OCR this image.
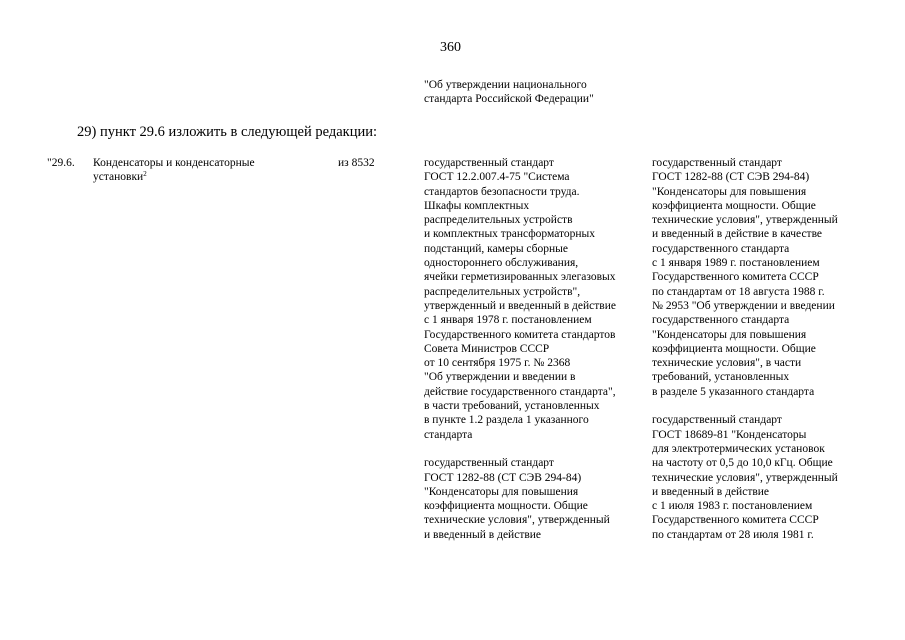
360
"Об утверждении национального
стандарта Российской Федерации"
29) пункт 29.6 изложить в следующей редакции:
"29.6. Конденсаторы и конденсаторные
установки$^2$
из 8532	государственный стандарт
ГОСТ 12.2.007.4-75 "Система
стандартов безопасности труда.
Шкафы комплектных
распределительных устройств
и комплектных трансформаторных
подстанций, камеры сборные
одностороннего обслуживания,
ячейки герметизированных элегазовых
распределительных устройств",
утвержденный и введенный в действие
с 1 января 1978 г. постановлением
Государственного комитета стандартов
Совета Министров СССР
от 10 сентября 1975 г. № 2368
"Об утверждении и введении в
действие государственного стандарта",
в части требований, установленных
в пункте 1.2 раздела 1 указанного
стандарта
государственный стандарт
ГОСТ 1282-88 (СТ СЭВ 294-84)
"Конденсаторы для повышения
коэффициента мощности. Общие
технические условия", утвержденный
и введенный в действие
государственный стандарт
ГОСТ 1282-88 (СТ СЭВ 294-84)
"Конденсаторы для повышения
коэффициента мощности. Общие
технические условия", утвержденный
и введенный в действие в качестве
государственного стандарта
с 1 января 1989 г. постановлением
Государственного комитета СССР
по стандартам от 18 августа 1988 г.
№ 2953 "Об утверждении и введении
государственного стандарта
"Конденсаторы для повышения
коэффициента мощности. Общие
технические условия", в части
требований, установленных
в разделе 5 указанного стандарта
государственный стандарт
ГОСТ 18689-81 "Конденсаторы
для электротермических установок
на частоту от 0,5 до 10,0 кГц. Общие
технические условия", утвержденный
и введенный в действие
с 1 июля 1983 г. постановлением
Государственного комитета СССР
по стандартам от 28 июля 1981 г.
